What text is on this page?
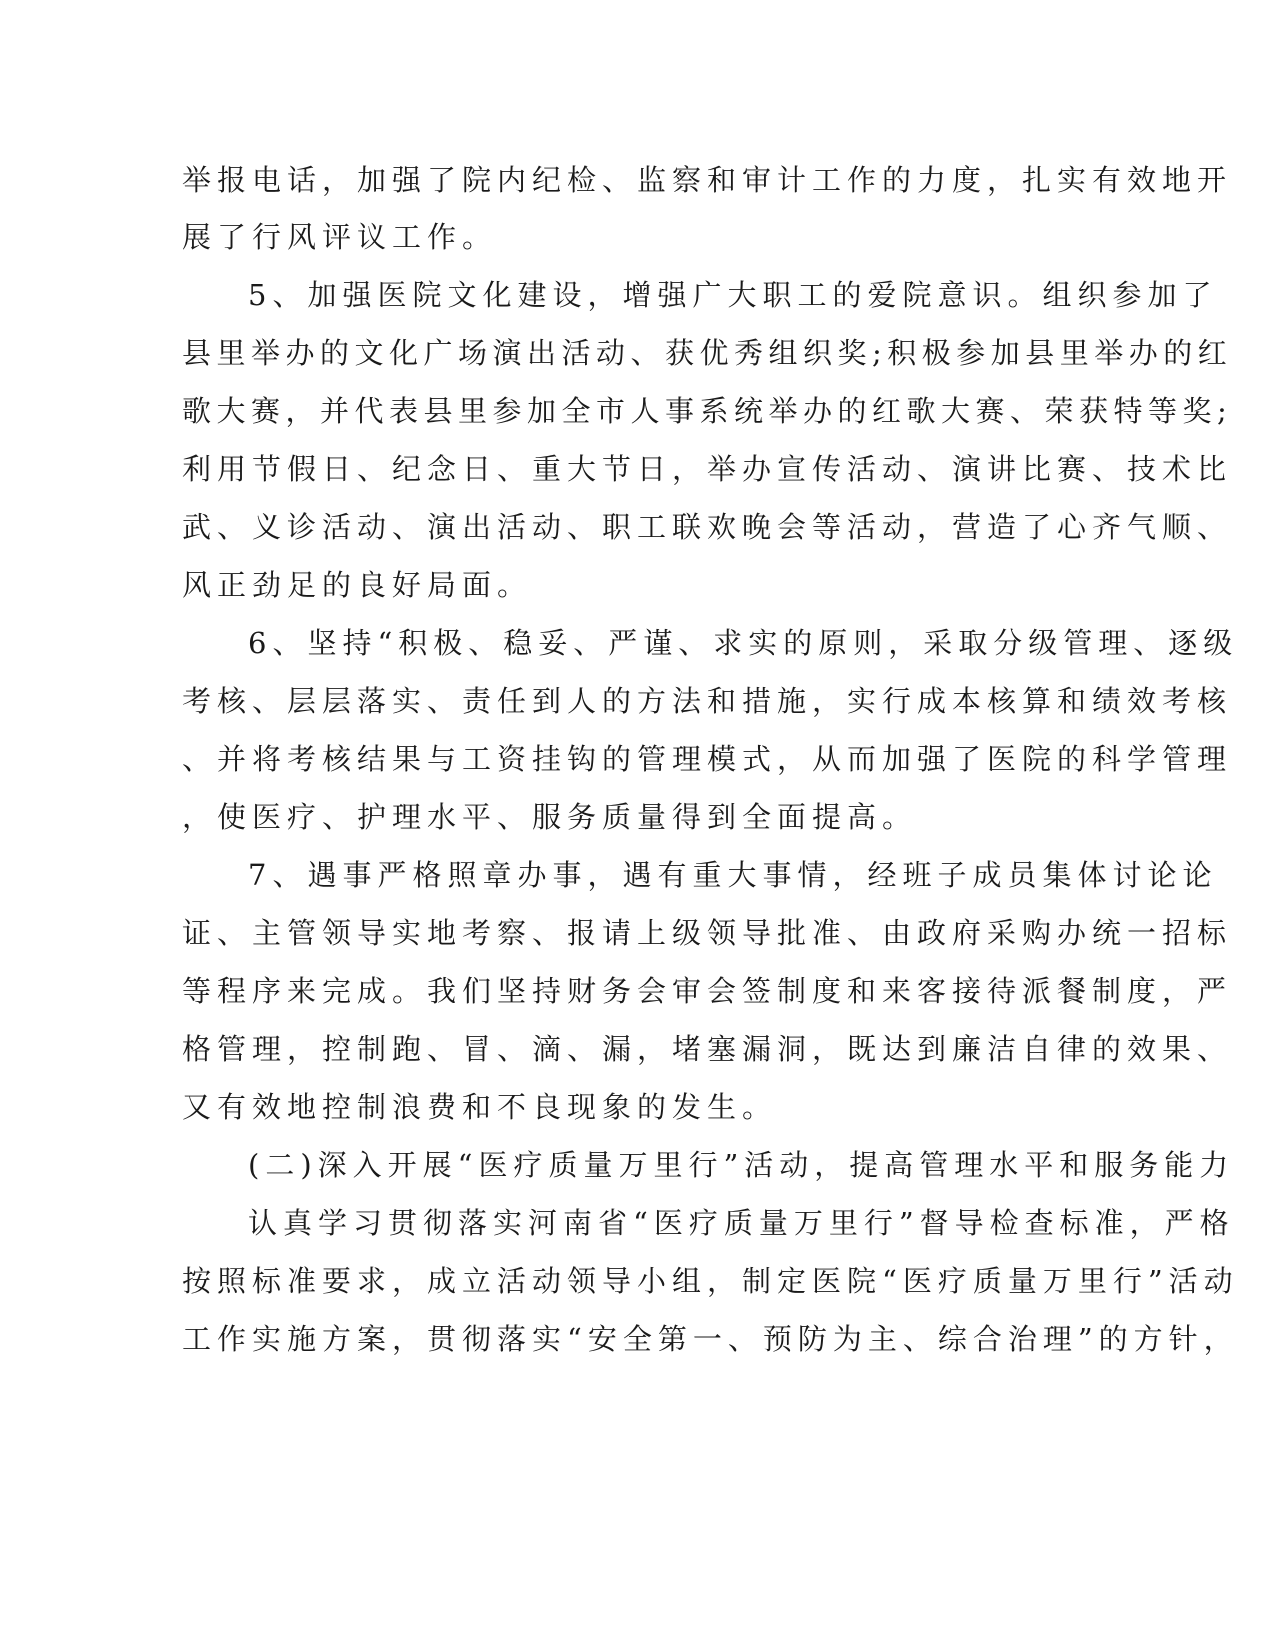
举报电话，加强了院内纪检、监察和审计工作的力度，扎实有效地开
展了行风评议工作。
5、加强医院文化建设，增强广大职工的爱院意识。组织参加了
县里举办的文化广场演出活动、获优秀组织奖;积极参加县里举办的红
歌大赛，并代表县里参加全市人事系统举办的红歌大赛、荣获特等奖;
利用节假日、纪念日、重大节日，举办宣传活动、演讲比赛、技术比
武、义诊活动、演出活动、职工联欢晚会等活动，营造了心齐气顺、
风正劲足的良好局面。
6、坚持“积极、稳妥、严谨、求实的原则，采取分级管理、逐级
考核、层层落实、责任到人的方法和措施，实行成本核算和绩效考核
、并将考核结果与工资挂钩的管理模式，从而加强了医院的科学管理
，使医疗、护理水平、服务质量得到全面提高。
7、遇事严格照章办事，遇有重大事情，经班子成员集体讨论论
证、主管领导实地考察、报请上级领导批准、由政府采购办统一招标
等程序来完成。我们坚持财务会审会签制度和来客接待派餐制度，严
格管理，控制跑、冒、滴、漏，堵塞漏洞，既达到廉洁自律的效果、
又有效地控制浪费和不良现象的发生。
(二)深入开展“医疗质量万里行”活动，提高管理水平和服务能力
认真学习贯彻落实河南省“医疗质量万里行”督导检查标准，严格
按照标准要求，成立活动领导小组，制定医院“医疗质量万里行”活动
工作实施方案，贯彻落实“安全第一、预防为主、综合治理”的方针，
